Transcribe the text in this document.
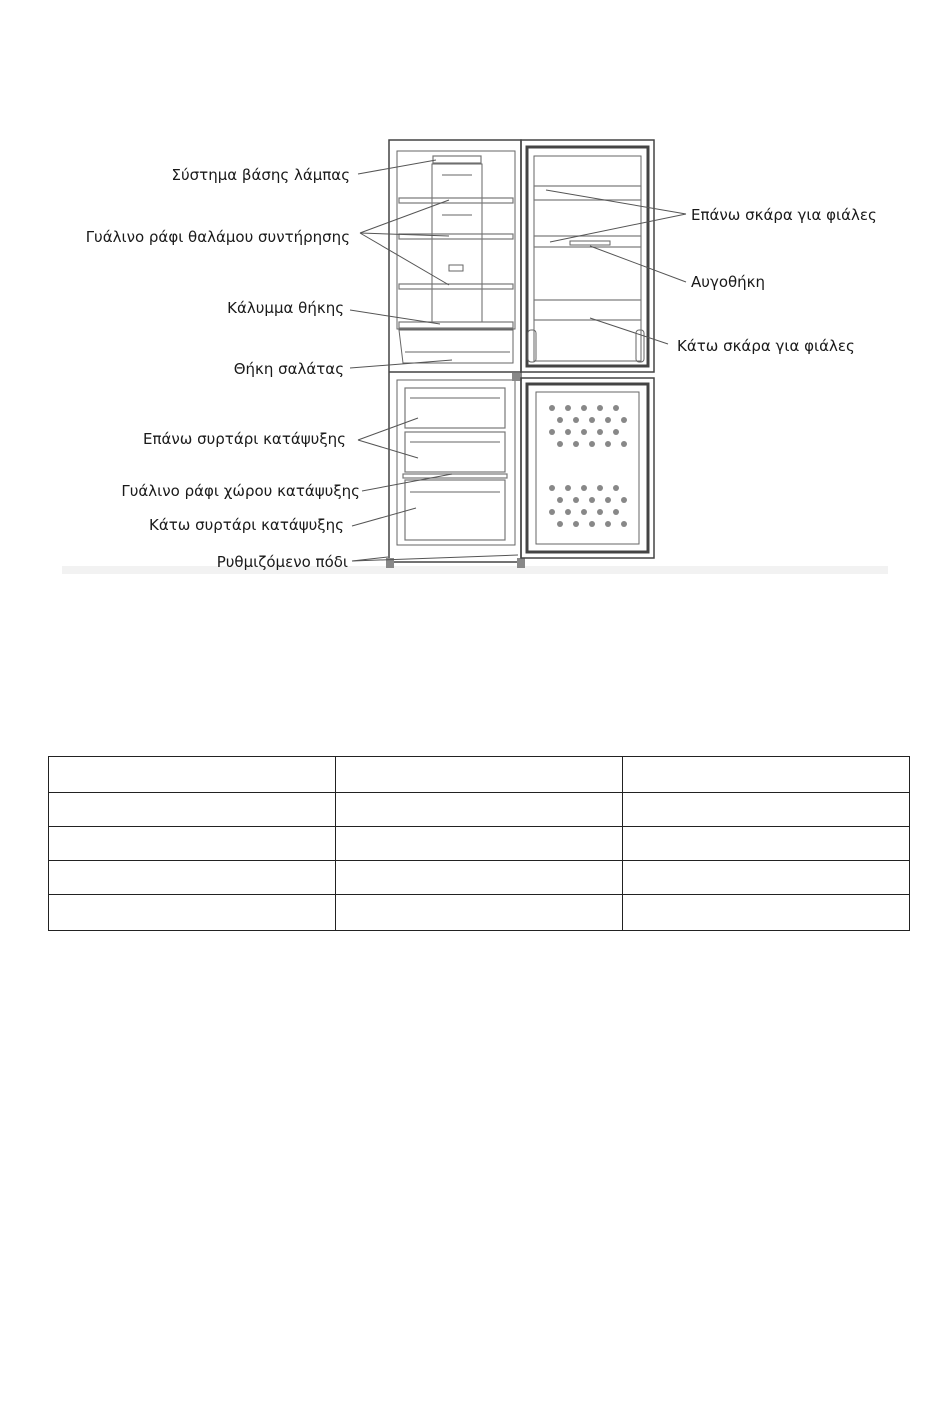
Σύστημα βάσης λάμπας
Γυάλινο ράφι θαλάμου συντήρησης
Κάλυμμα θήκης
Θήκη σαλάτας
Επάνω συρτάρι κατάψυξης
Γυάλινο ράφι χώρου κατάψυξης
Κάτω συρτάρι κατάψυξης
Ρυθμιζόμενο πόδι
Επάνω σκάρα για φιάλες
Αυγοθήκη
Κάτω σκάρα για φιάλες
